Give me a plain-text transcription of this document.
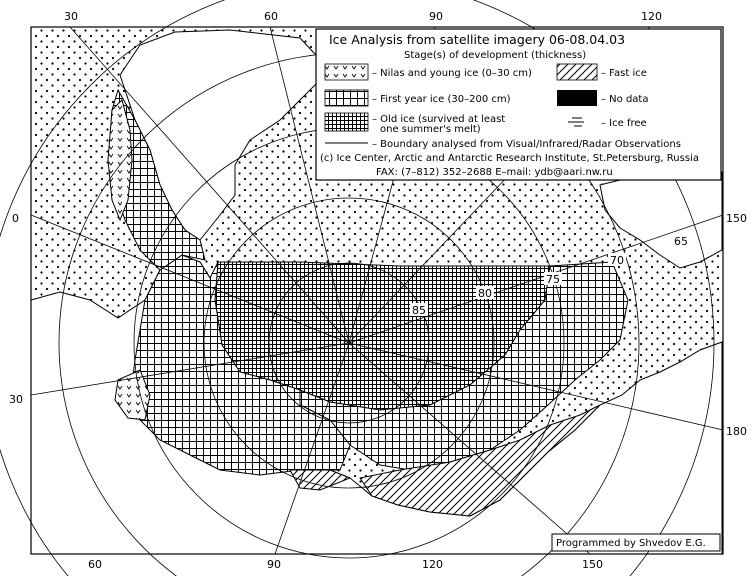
30	60	90	120
60	90	120	150
0
30
150
180
85
80
75
70
65
Ice Analysis from satellite imagery 06-08.04.03
Stage(s) of development (thickness)
– Nilas and young ice (0–30 cm)	– Fast ice
– First year ice (30–200 cm)	– No data
– Old ice (survived at least
one summer's melt)
– Ice free
– Boundary analysed from Visual/Infrared/Radar Observations
(c) Ice Center, Arctic and Antarctic Research Institute, St.Petersburg, Russia
FAX: (7–812) 352–2688 E–mail: ydb@aari.nw.ru
Programmed by Shvedov E.G.
